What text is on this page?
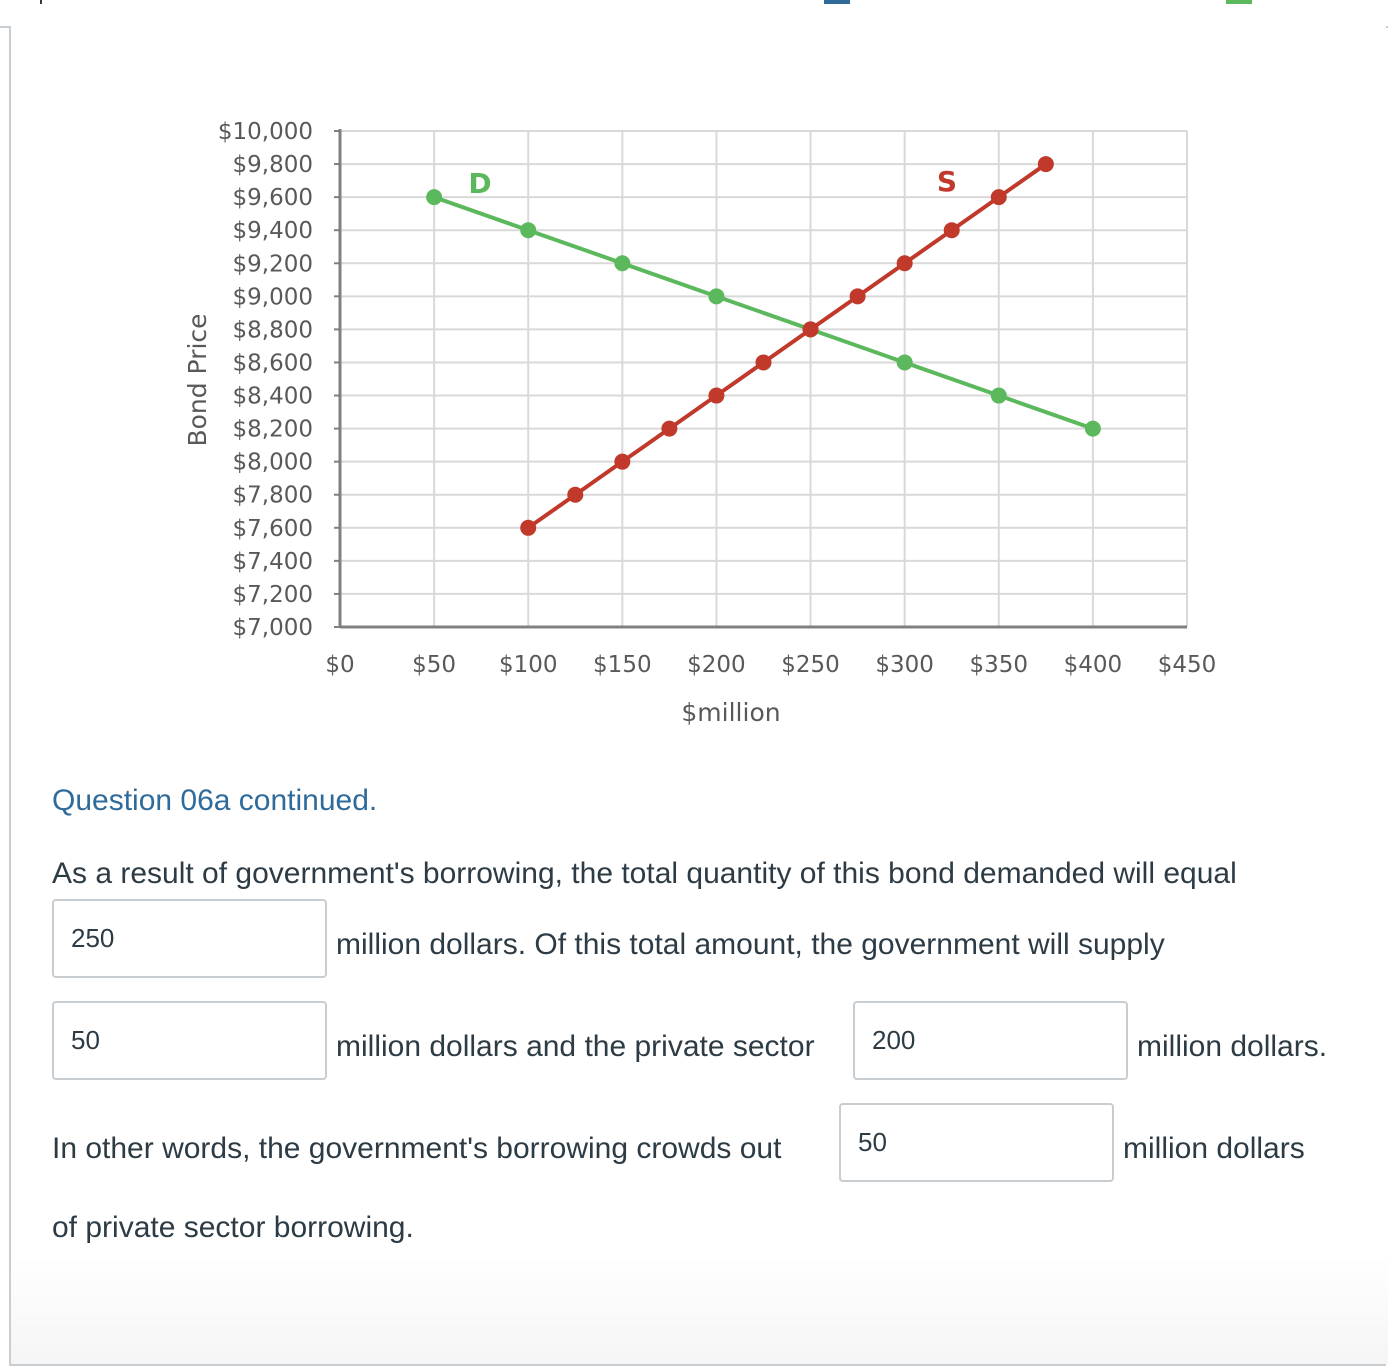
$10,000
$9,800
$9,600
$9,400
$9,200
$9,000
$8,800
$8,600
$8,400
$8,200
$8,000
$7,800
$7,600
$7,400
$7,200
$7,000
$0	$50 $100 $150 $200 $250 $300 $350 $400 $450
$million
Bond Price
D	S
Question 06a continued.
As a result of government's borrowing, the total quantity of this bond demanded will equal
250	million dollars. Of this total amount, the government will supply
50	million dollars and the private sector	200	million dollars.
In other words, the government's borrowing crowds out	50	million dollars
of private sector borrowing.
